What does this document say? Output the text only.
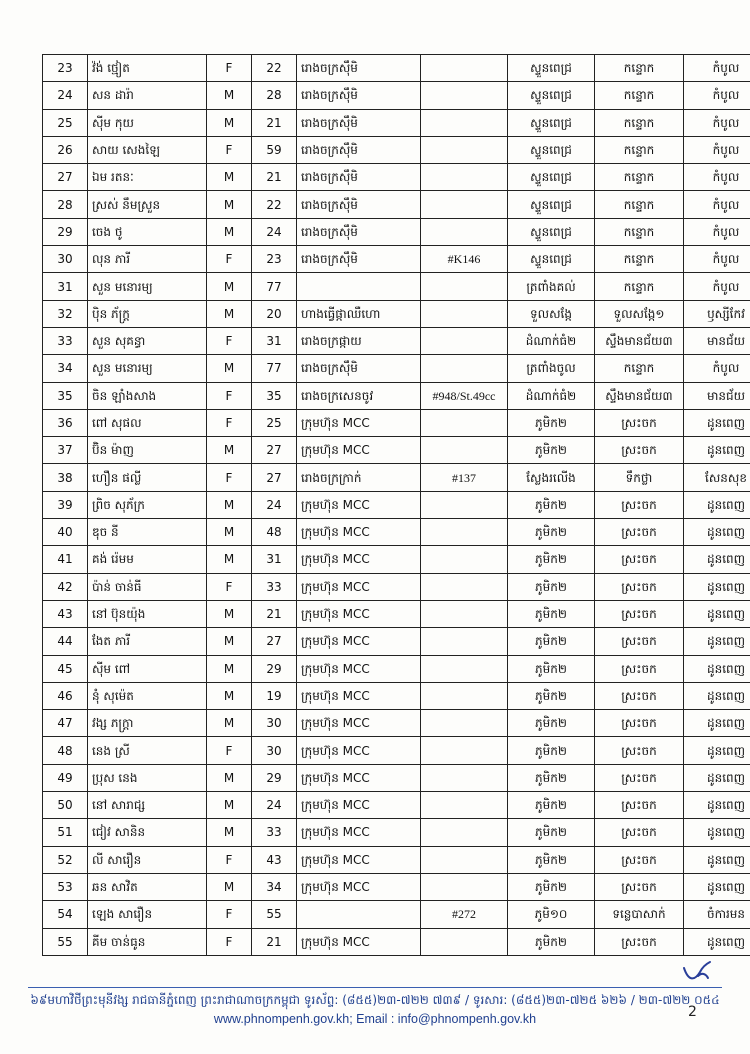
23	វ៉ង់ ថ្មៀត	F	22	រោងចក្រស៊ឹមិ		ស្ទួនពេជ្រ	កន្ទោក	កំបូល
24	សន ដារ៉ា	M	28	រោងចក្រស៊ឹមិ		ស្ទួនពេជ្រ	កន្ទោក	កំបូល
25	ស៊ីម កុយ	M	21	រោងចក្រស៊ឹមិ		ស្ទួនពេជ្រ	កន្ទោក	កំបូល
26	សាយ សេងឡៃ	F	59	រោងចក្រស៊ឹមិ		ស្ទួនពេជ្រ	កន្ទោក	កំបូល
27	ឯម រតនៈ	M	21	រោងចក្រស៊ឹមិ		ស្ទួនពេជ្រ	កន្ទោក	កំបូល
28	ស្រស់ នឹមស្រួន	M	22	រោងចក្រស៊ឹមិ		ស្ទួនពេជ្រ	កន្ទោក	កំបូល
29	ចេង ថូ	M	24	រោងចក្រស៊ឹមិ		ស្ទួនពេជ្រ	កន្ទោក	កំបូល
30	លុន ភារី	F	23	រោងចក្រស៊ឹមិ	#K146	ស្ទួនពេជ្រ	កន្ទោក	កំបូល
31	សួន មនោរម្យ	M	77			ត្រពាំងគល់	កន្ទោក	កំបូល
32	ប៉ិន ភ័ក្ត្រ	M	20	ហាងធ្វើផ្កាឈឺហោ		ទួលសង្កែ	ទួលសង្កែ១	ឫស្សីកែវ
33	សួន សុគន្ធា	F	31	រោងចក្រផ្កាយ		ដំណាក់ធំ២	ស្ទឹងមានជ័យ៣	មានជ័យ
34	សួន មនោរម្យ	M	77	រោងចក្រស៊ឹមិ		ត្រពាំងចូល	កន្ទោក	កំបូល
35	ចិន ឡាំងសាង	F	35	រោងចក្រសេនចូវ	#948/St.49cc	ដំណាក់ធំ២	ស្ទឹងមានជ័យ៣	មានជ័យ
36	ពៅ សុផល	F	25	ក្រុមហ៊ុន MCC		ភូមិក២	ស្រះចក	ដូនពេញ
37	ប៊ិន ម៉ាញ	M	27	ក្រុមហ៊ុន MCC		ភូមិក២	ស្រះចក	ដូនពេញ
38	ហឿន ផល្លី	F	27	រោងចក្រក្រាក់	#137	ស្លែងរលើង	ទឹកថ្លា	សែនសុខ
39	ព្រិច សុភ័ក្រ	M	24	ក្រុមហ៊ុន MCC		ភូមិក២	ស្រះចក	ដូនពេញ
40	ឌុច នី	M	48	ក្រុមហ៊ុន MCC		ភូមិក២	ស្រះចក	ដូនពេញ
41	គង់ រ៉េមម	M	31	ក្រុមហ៊ុន MCC		ភូមិក២	ស្រះចក	ដូនពេញ
42	ប៉ាន់ ចាន់ធី	F	33	ក្រុមហ៊ុន MCC		ភូមិក២	ស្រះចក	ដូនពេញ
43	នៅ ប៊ុនយ៉ុង	M	21	ក្រុមហ៊ុន MCC		ភូមិក២	ស្រះចក	ដូនពេញ
44	ងែត ភារី	M	27	ក្រុមហ៊ុន MCC		ភូមិក២	ស្រះចក	ដូនពេញ
45	ស៊ីម ពៅ	M	29	ក្រុមហ៊ុន MCC		ភូមិក២	ស្រះចក	ដូនពេញ
46	នុំ សុម៉េត	M	19	ក្រុមហ៊ុន MCC		ភូមិក២	ស្រះចក	ដូនពេញ
47	វង្ស ភក្ត្រា	M	30	ក្រុមហ៊ុន MCC		ភូមិក២	ស្រះចក	ដូនពេញ
48	នេង ស្រី	F	30	ក្រុមហ៊ុន MCC		ភូមិក២	ស្រះចក	ដូនពេញ
49	ប្រុស នេង	M	29	ក្រុមហ៊ុន MCC		ភូមិក២	ស្រះចក	ដូនពេញ
50	នៅ សារាជ្ស	M	24	ក្រុមហ៊ុន MCC		ភូមិក២	ស្រះចក	ដូនពេញ
51	ជៀវ សានិន	M	33	ក្រុមហ៊ុន MCC		ភូមិក២	ស្រះចក	ដូនពេញ
52	លី សារឿន	F	43	ក្រុមហ៊ុន MCC		ភូមិក២	ស្រះចក	ដូនពេញ
53	ឆន សាវិត	M	34	ក្រុមហ៊ុន MCC		ភូមិក២	ស្រះចក	ដូនពេញ
54	ឡេង សារឿន	F	55		#272	ភូមិ១០	ទន្លេបាសាក់	ចំការមន
55	គីម ចាន់ធូន	F	21	ក្រុមហ៊ុន MCC		ភូមិក២	ស្រះចក	ដូនពេញ
៦៩មហាវិថីព្រះមុនីវង្ស រាជធានីភ្នំពេញ ព្រះរាជាណាចក្រកម្ពុជា ទូរស័ព្ទ: (៨៥៥)២៣-៧២២ ៧៣៩ / ទូរសារ: (៨៥៥)២៣-៧២៥ ៦២៦ / ២៣-៧២២ ០៥៤
www.phnompenh.gov.kh; Email : info@phnompenh.gov.kh	2
